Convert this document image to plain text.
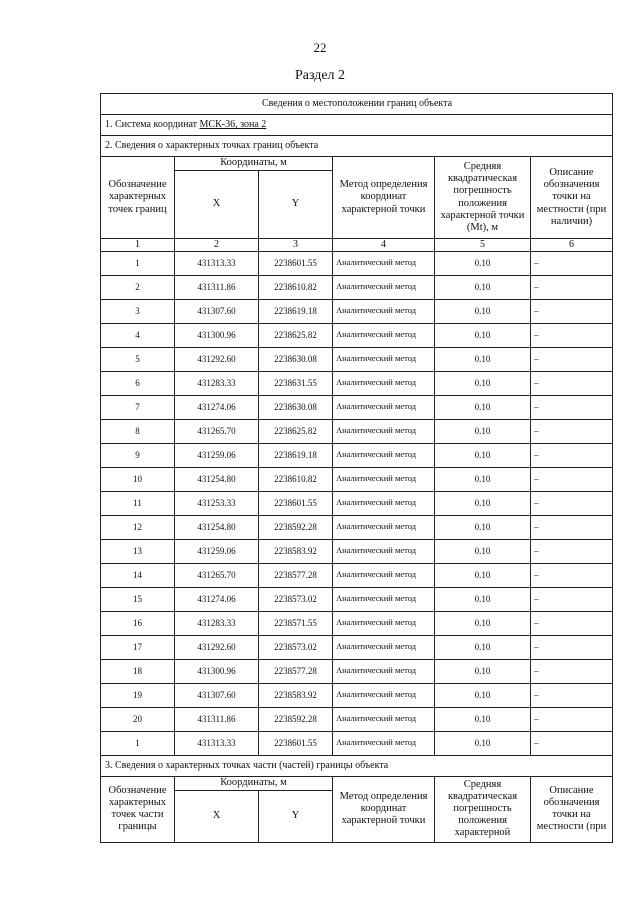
22
Раздел 2
Сведения о местоположении границ объекта					
1. Система координат МСК-36, зона 2					
2. Сведения о характерных точках границ объекта					
Обозначение характерных точек границ	Координаты, м		Метод определения координат характерной точки	Средняя квадратическая погрешность положения характерной точки (Mt), м	Описание обозначения точки на местности (при наличии)
	X	Y			
1	2	3	4	5	6
1	431313.33	2238601.55	Аналитический метод	0.10	–
2	431311.86	2238610.82	Аналитический метод	0.10	–
3	431307.60	2238619.18	Аналитический метод	0.10	–
4	431300.96	2238625.82	Аналитический метод	0.10	–
5	431292.60	2238630.08	Аналитический метод	0.10	–
6	431283.33	2238631.55	Аналитический метод	0.10	–
7	431274.06	2238630.08	Аналитический метод	0.10	–
8	431265.70	2238625.82	Аналитический метод	0.10	–
9	431259.06	2238619.18	Аналитический метод	0.10	–
10	431254.80	2238610.82	Аналитический метод	0.10	–
11	431253.33	2238601.55	Аналитический метод	0.10	–
12	431254.80	2238592.28	Аналитический метод	0.10	–
13	431259.06	2238583.92	Аналитический метод	0.10	–
14	431265.70	2238577.28	Аналитический метод	0.10	–
15	431274.06	2238573.02	Аналитический метод	0.10	–
16	431283.33	2238571.55	Аналитический метод	0.10	–
17	431292.60	2238573.02	Аналитический метод	0.10	–
18	431300.96	2238577.28	Аналитический метод	0.10	–
19	431307.60	2238583.92	Аналитический метод	0.10	–
20	431311.86	2238592.28	Аналитический метод	0.10	–
1	431313.33	2238601.55	Аналитический метод	0.10	–
3. Сведения о характерных точках части (частей) границы объекта					
Обозначение характерных точек части границы	Координаты, м		Метод определения координат характерной точки	Средняя квадратическая погрешность положения характерной	Описание обозначения точки на местности (при
	X	Y			
